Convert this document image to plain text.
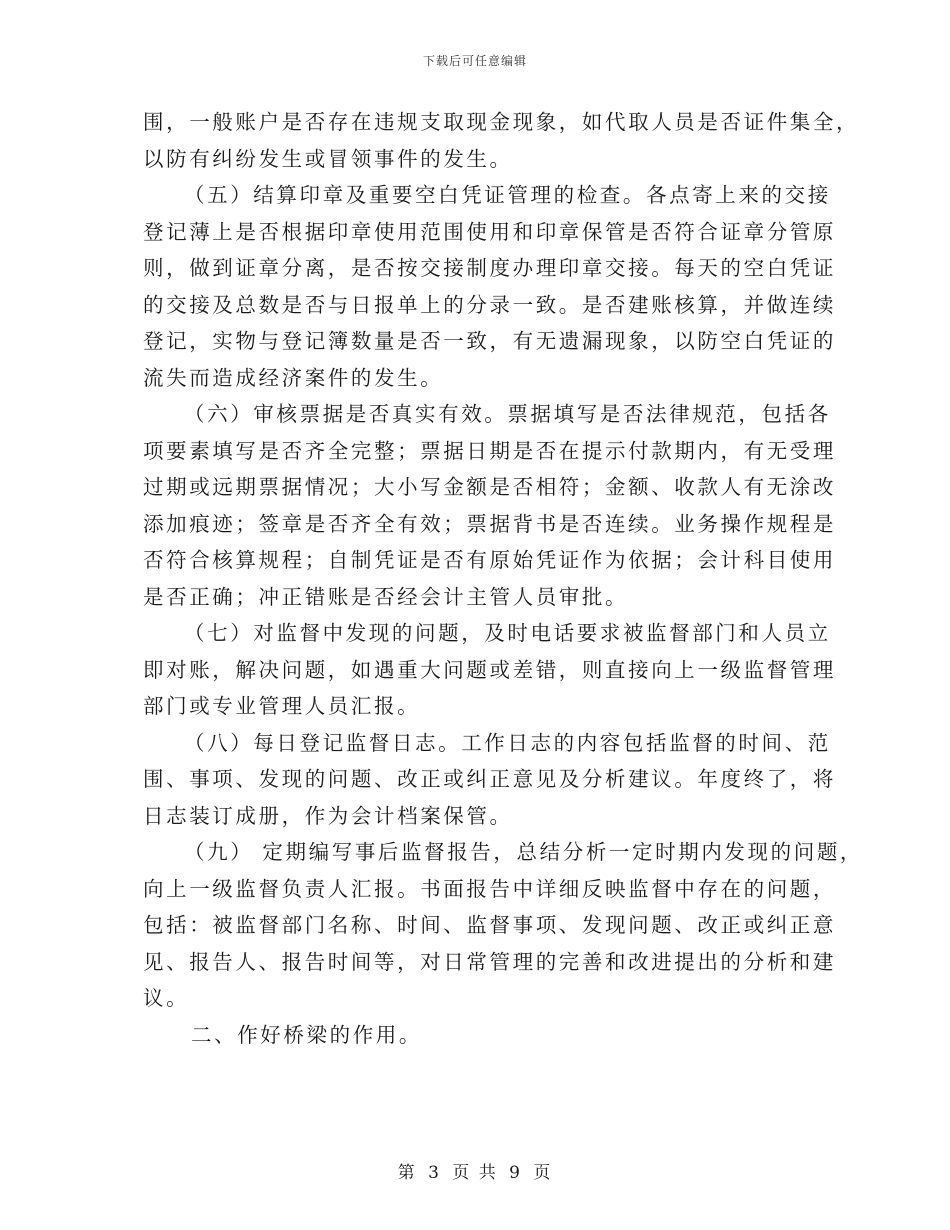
下载后可任意编辑
围，一般账户是否存在违规支取现金现象，如代取人员是否证件集全，
以防有纠纷发生或冒领事件的发生。
（五）结算印章及重要空白凭证管理的检查。各点寄上来的交接
登记薄上是否根据印章使用范围使用和印章保管是否符合证章分管原
则，做到证章分离，是否按交接制度办理印章交接。每天的空白凭证
的交接及总数是否与日报单上的分录一致。是否建账核算，并做连续
登记，实物与登记簿数量是否一致，有无遗漏现象，以防空白凭证的
流失而造成经济案件的发生。
（六）审核票据是否真实有效。票据填写是否法律规范，包括各
项要素填写是否齐全完整；票据日期是否在提示付款期内，有无受理
过期或远期票据情况；大小写金额是否相符；金额、收款人有无涂改
添加痕迹；签章是否齐全有效；票据背书是否连续。业务操作规程是
否符合核算规程；自制凭证是否有原始凭证作为依据；会计科目使用
是否正确；冲正错账是否经会计主管人员审批。
（七）对监督中发现的问题，及时电话要求被监督部门和人员立
即对账，解决问题，如遇重大问题或差错，则直接向上一级监督管理
部门或专业管理人员汇报。
（八）每日登记监督日志。工作日志的内容包括监督的时间、范
围、事项、发现的问题、改正或纠正意见及分析建议。年度终了，将
日志装订成册，作为会计档案保管。
（九） 定期编写事后监督报告，总结分析一定时期内发现的问题，
向上一级监督负责人汇报。书面报告中详细反映监督中存在的问题，
包括：被监督部门名称、时间、监督事项、发现问题、改正或纠正意
见、报告人、报告时间等，对日常管理的完善和改进提出的分析和建
议。
二、作好桥梁的作用。
第 3 页 共 9 页
